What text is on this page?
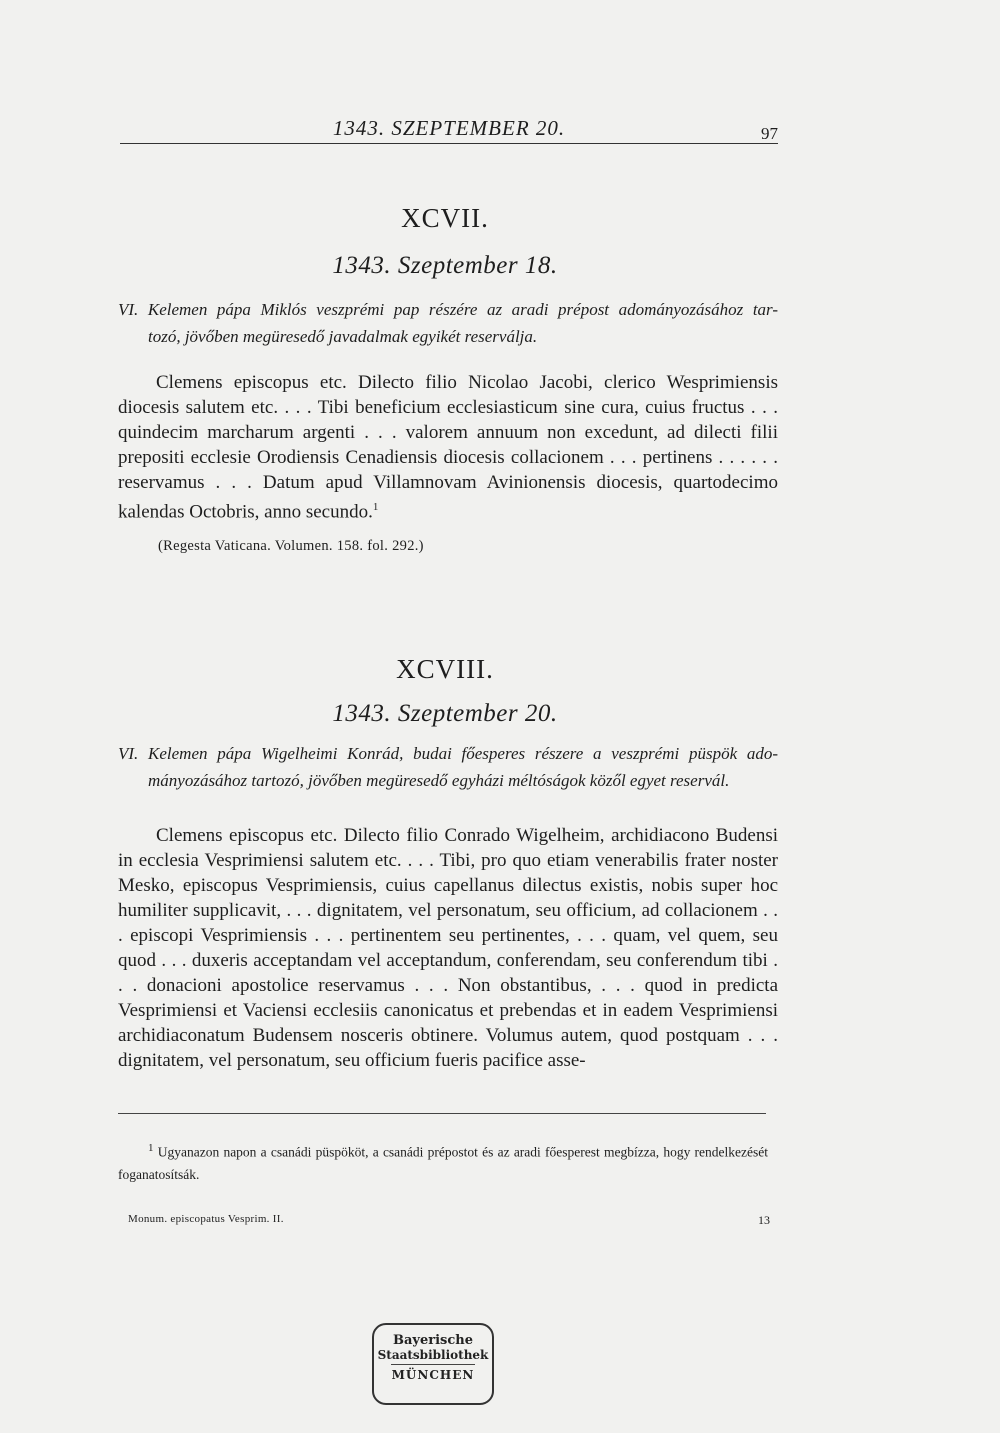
1343. SZEPTEMBER 20.	97
XCVII.
1343. Szeptember 18.

VI. Kelemen pápa Miklós veszprémi pap részére az aradi prépost adományozásához tar-

tozó, jövőben megüresedő javadalmak egyikét reserválja.

Clemens episcopus etc. Dilecto filio Nicolao Jacobi, clerico Wesprimiensis diocesis salutem etc. . . . Tibi beneficium ecclesiasticum sine cura, cuius fructus . . . quindecim marcharum argenti . . . valorem annuum non excedunt, ad dilecti filii prepositi ecclesie Orodiensis Cenadiensis diocesis collacionem . . . pertinens . . . . . . reservamus . . . Datum apud Villamnovam Avinionensis diocesis, quartodecimo kalendas Octobris, anno secundo.$^1$

(Regesta Vaticana. Volumen. 158. fol. 292.)
XCVIII.
1343. Szeptember 20.

VI. Kelemen pápa Wigelheimi Konrád, budai főesperes részere a veszprémi püspök ado-

mányozásához tartozó, jövőben megüresedő egyházi méltóságok közől egyet reservál.

Clemens episcopus etc. Dilecto filio Conrado Wigelheim, archidiacono Budensi in ecclesia Vesprimiensi salutem etc. . . . Tibi, pro quo etiam venerabilis frater noster Mesko, episcopus Vesprimiensis, cuius capellanus dilectus existis, nobis super hoc humiliter supplicavit, . . . dignitatem, vel personatum, seu officium, ad collacionem . . . episcopi Vesprimiensis . . . pertinentem seu pertinentes, . . . quam, vel quem, seu quod . . . duxeris acceptandam vel acceptandum, conferendam, seu conferendum tibi . . . donacioni apostolice reservamus . . . Non obstantibus, . . . quod in predicta Vesprimiensi et Vaciensi ecclesiis canonicatus et prebendas et in eadem Vesprimiensi archidiaconatum Budensem nosceris obtinere. Volumus autem, quod postquam . . . dignitatem, vel personatum, seu officium fueris pacifice asse-

$^1$ Ugyanazon napon a csanádi püspököt, a csanádi prépostot és az aradi főesperest megbízza, hogy rendelkezését foganatosítsák.

Monum. episcopatus Vesprim. II.	13
Bayerische
Staatsbibliothek
MÜNCHEN
